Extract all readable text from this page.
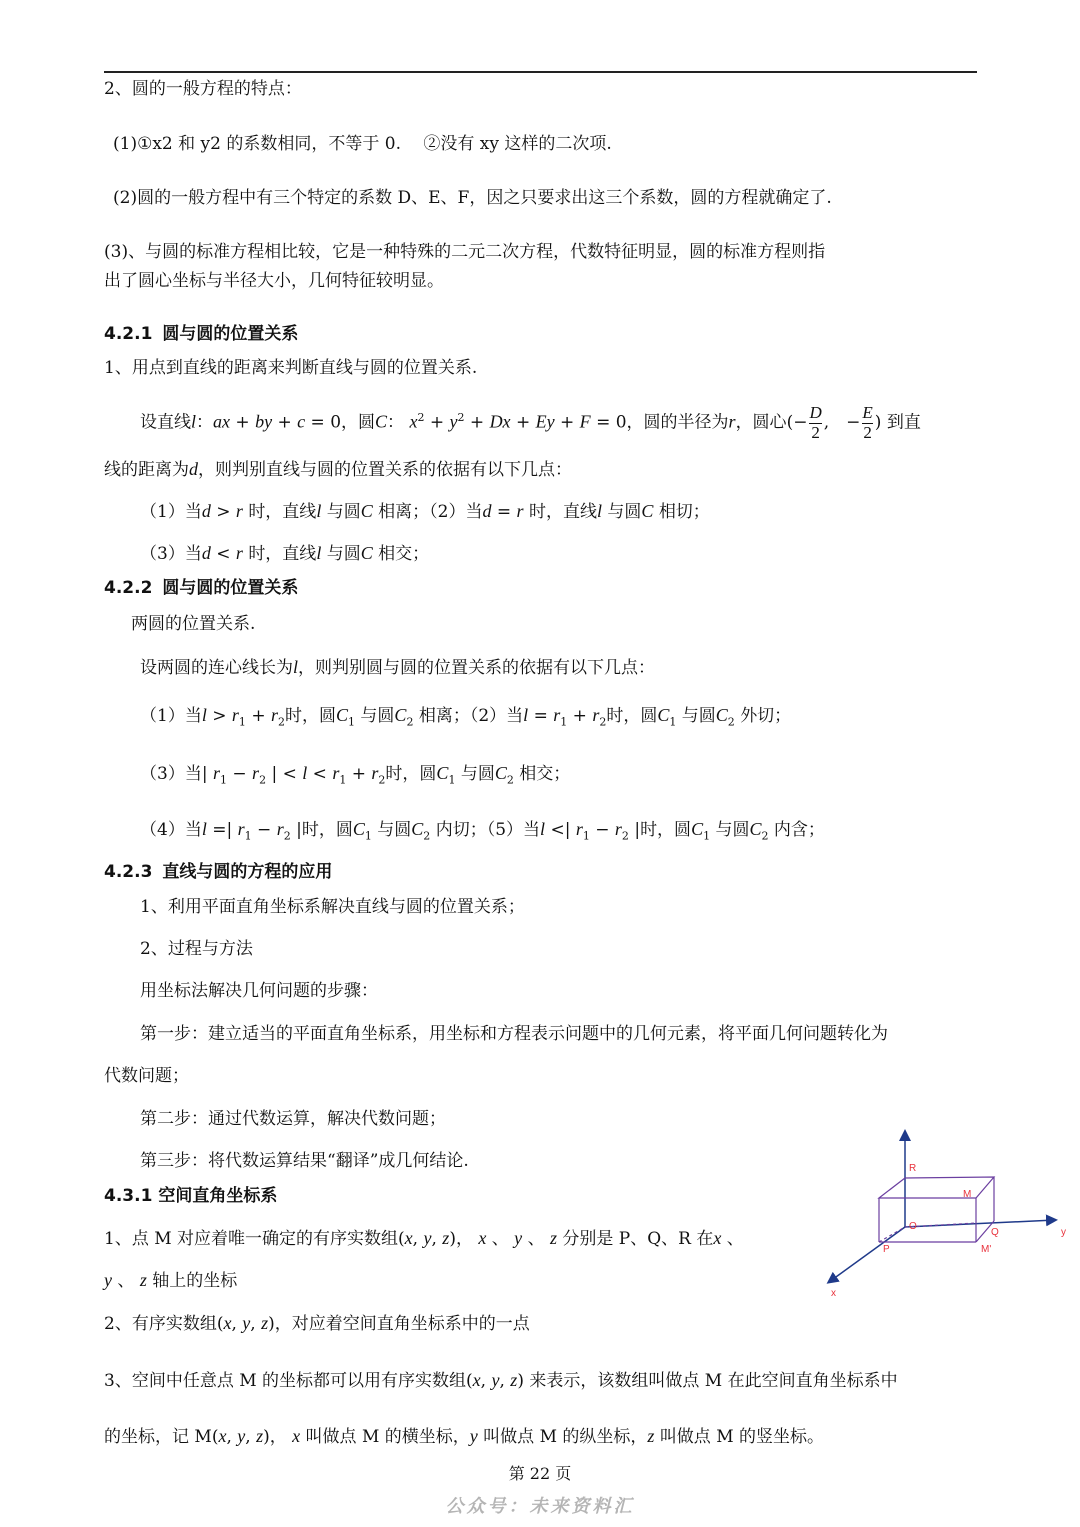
2、圆的一般方程的特点：
(1)①x2 和 y2 的系数相同，不等于 0.　 ②没有 xy 这样的二次项.
(2)圆的一般方程中有三个特定的系数 D、E、F，因之只要求出这三个系数，圆的方程就确定了.
(3)、与圆的标准方程相比较，它是一种特殊的二元二次方程，代数特征明显，圆的标准方程则指
出了圆心坐标与半径大小，几何特征较明显。
4.2.1 圆与圆的位置关系
1、用点到直线的距离来判断直线与圆的位置关系.
设直线l：ax + by + c = 0，圆C： $x^2 + y^2 + Dx + Ey + F = 0$，圆的半径为r，圆心(− $\frac{D}{2}$ ,　− $\frac{E}{2}$ ) 到直
线的距离为d，则判别直线与圆的位置关系的依据有以下几点：
（1）当d > r 时，直线l 与圆C 相离；（2）当d = r 时，直线l 与圆C 相切；
（3）当d < r 时，直线l 与圆C 相交；
4.2.2 圆与圆的位置关系
两圆的位置关系.
设两圆的连心线长为l，则判别圆与圆的位置关系的依据有以下几点：
（1）当$l > r_1 + r_2$时，圆$C_1$ 与圆$C_2$ 相离；（2）当$l = r_1 + r_2$时，圆$C_1$ 与圆$C_2$ 外切；
（3）当| $r_1 - r_2$ | < $l < r_1 + r_2$时，圆$C_1$ 与圆$C_2$ 相交；
（4）当l =| $r_1 - r_2$ |时，圆$C_1$ 与圆$C_2$ 内切；（5）当l <| $r_1 - r_2$ |时，圆$C_1$ 与圆$C_2$ 内含；
4.2.3 直线与圆的方程的应用
1、利用平面直角坐标系解决直线与圆的位置关系；
2、过程与方法
用坐标法解决几何问题的步骤：
第一步：建立适当的平面直角坐标系，用坐标和方程表示问题中的几何元素，将平面几何问题转化为
代数问题；
第二步：通过代数运算，解决代数问题；
第三步：将代数运算结果“翻译”成几何结论.
4.3.1 空间直角坐标系
1、点 M 对应着唯一确定的有序实数组(x, y, z)， x 、 y 、 z 分别是 P、Q、R 在x 、
y 、 z 轴上的坐标
2、有序实数组(x, y, z)，对应着空间直角坐标系中的一点
3、空间中任意点 M 的坐标都可以用有序实数组(x, y, z) 来表示，该数组叫做点 M 在此空间直角坐标系中
的坐标，记 M(x, y, z)， x 叫做点 M 的横坐标，y 叫做点 M 的纵坐标，z 叫做点 M 的竖坐标。
R
M
O
Q	y
P	M'
x
第 22 页
公众号：未来资料汇
